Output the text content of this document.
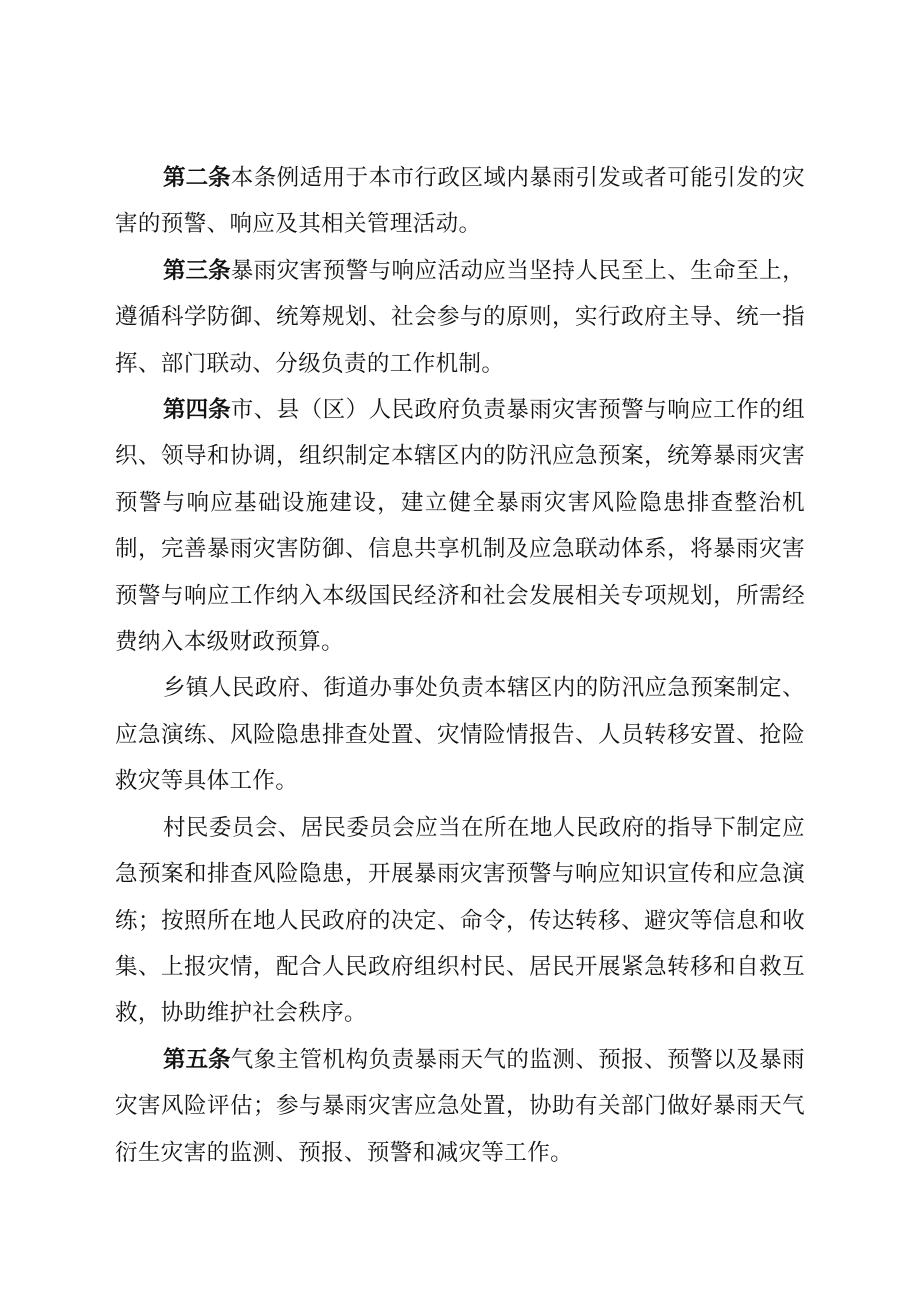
第二条本条例适用于本市行政区域内暴雨引发或者可能引发的灾害的预警、响应及其相关管理活动。

第三条暴雨灾害预警与响应活动应当坚持人民至上、生命至上，遵循科学防御、统筹规划、社会参与的原则，实行政府主导、统一指挥、部门联动、分级负责的工作机制。

第四条市、县（区）人民政府负责暴雨灾害预警与响应工作的组织、领导和协调，组织制定本辖区内的防汛应急预案，统筹暴雨灾害预警与响应基础设施建设，建立健全暴雨灾害风险隐患排查整治机制，完善暴雨灾害防御、信息共享机制及应急联动体系，将暴雨灾害预警与响应工作纳入本级国民经济和社会发展相关专项规划，所需经费纳入本级财政预算。

乡镇人民政府、街道办事处负责本辖区内的防汛应急预案制定、应急演练、风险隐患排查处置、灾情险情报告、人员转移安置、抢险救灾等具体工作。

村民委员会、居民委员会应当在所在地人民政府的指导下制定应急预案和排查风险隐患，开展暴雨灾害预警与响应知识宣传和应急演练；按照所在地人民政府的决定、命令，传达转移、避灾等信息和收集、上报灾情，配合人民政府组织村民、居民开展紧急转移和自救互救，协助维护社会秩序。

第五条气象主管机构负责暴雨天气的监测、预报、预警以及暴雨灾害风险评估；参与暴雨灾害应急处置，协助有关部门做好暴雨天气衍生灾害的监测、预报、预警和减灾等工作。
